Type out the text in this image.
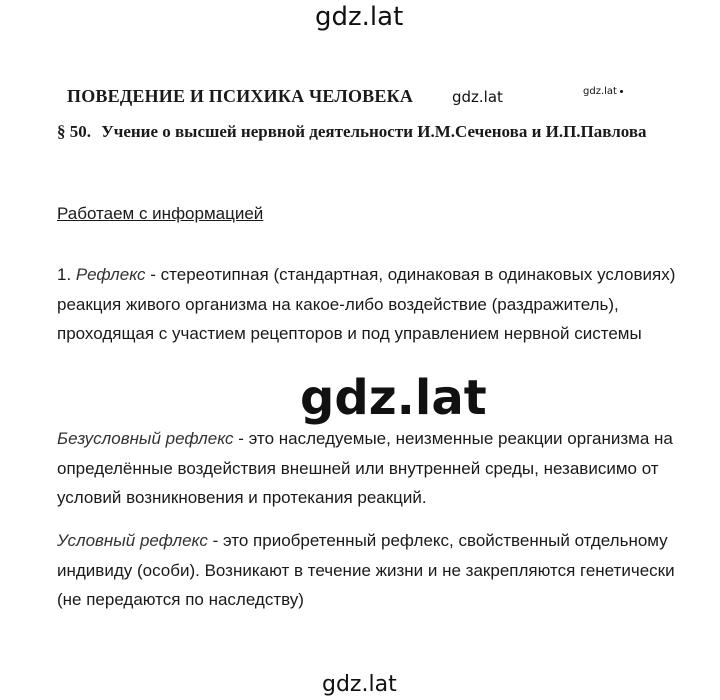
gdz.lat
ПОВЕДЕНИЕ И ПСИХИКА ЧЕЛОВЕКА	gdz.lat	gdz.lat
§ 50. Учение о высшей нервной деятельности И.М.Сеченова и И.П.Павлова
Работаем с информацией
1. Рефлекс - стереотипная (стандартная, одинаковая в одинаковых условиях) реакция живого организма на какое-либо воздействие (раздражитель), проходящая с участием рецепторов и под управлением нервной системы
gdz.lat
Безусловный рефлекс - это наследуемые, неизменные реакции организма на определённые воздействия внешней или внутренней среды, независимо от условий возникновения и протекания реакций.
Условный рефлекс - это приобретенный рефлекс, свойственный отдельному индивиду (особи). Возникают в течение жизни и не закрепляются генетически (не передаются по наследству)
gdz.lat
